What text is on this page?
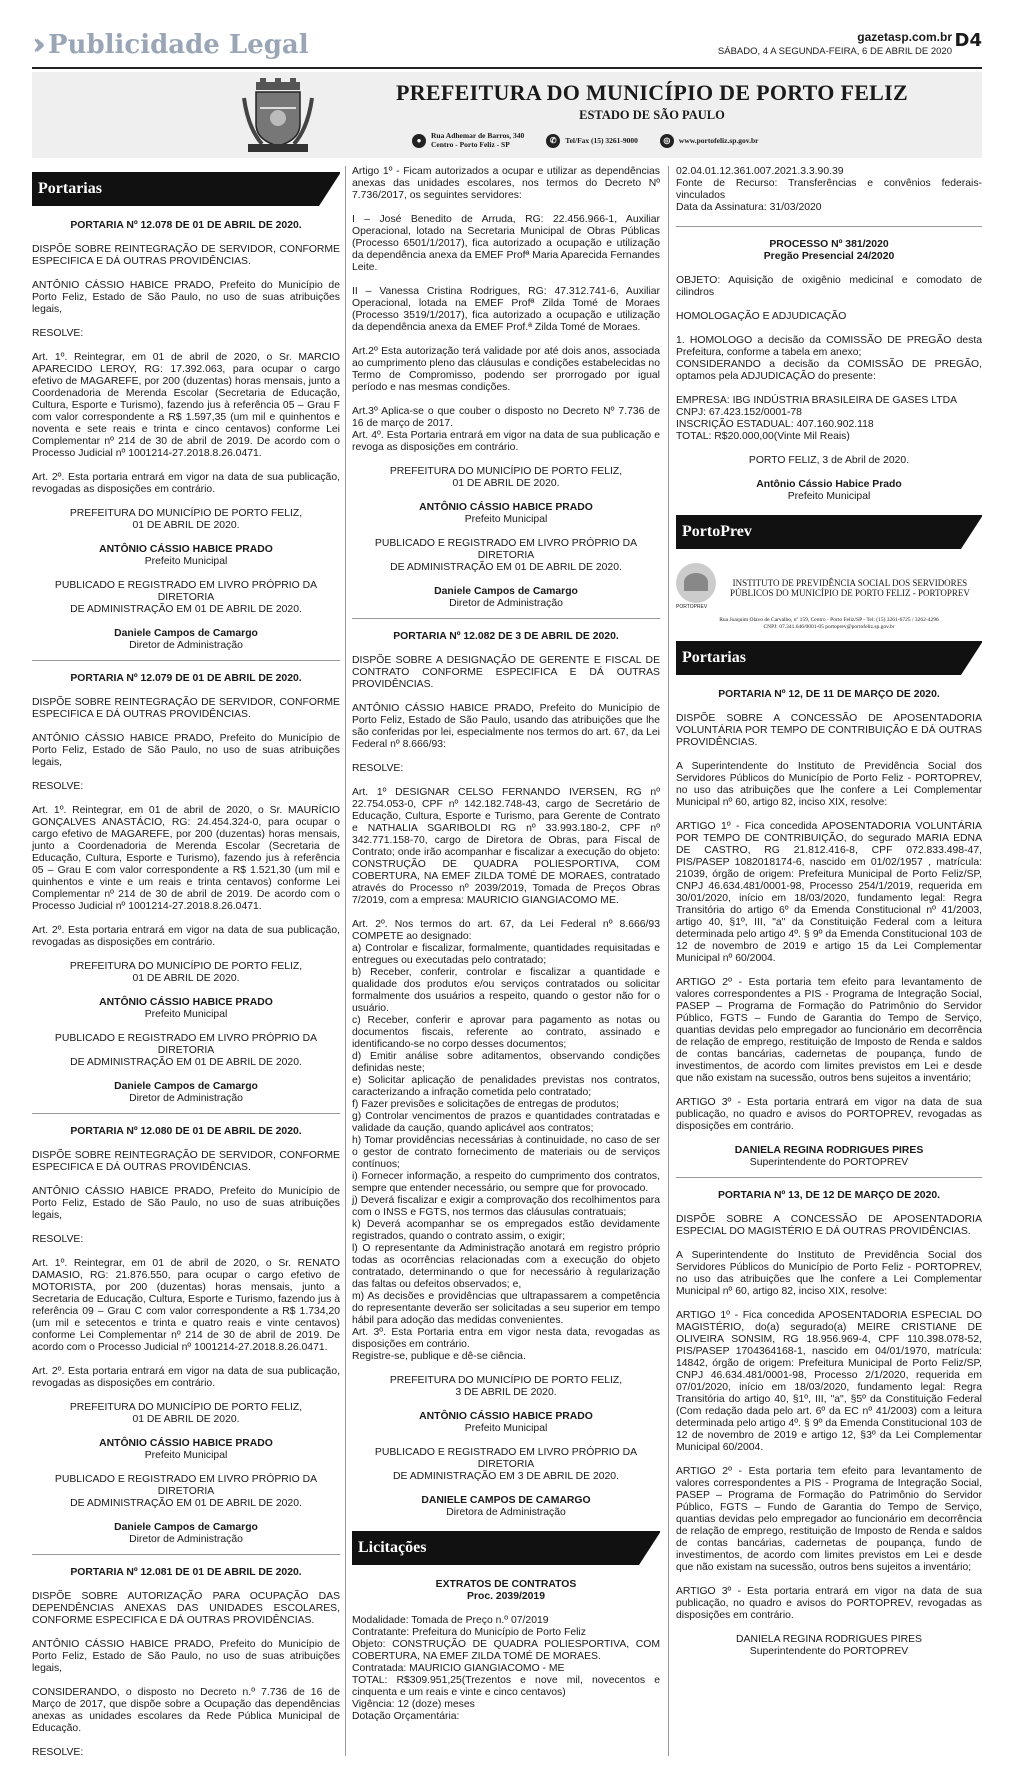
›› Publicidade Legal	gazetasp.com.br
SÁBADO, 4 A SEGUNDA-FEIRA, 6 DE ABRIL DE 2020
D4
PREFEITURA DO MUNICÍPIO DE PORTO FELIZ
ESTADO DE SÃO PAULO
●
Rua Adhemar de Barros, 340
Centro - Porto Feliz - SP	✆	Tel/Fax (15) 3261-9000	◎	www.portofeliz.sp.gov.br
Portarias

PORTARIA Nº 12.078 DE 01 DE ABRIL DE 2020.

DISPÕE SOBRE REINTEGRAÇÃO DE SERVIDOR, CONFORME ESPECIFICA E DÁ OUTRAS PROVIDÊNCIAS.

ANTÔNIO CÁSSIO HABICE PRADO, Prefeito do Município de Porto Feliz, Estado de São Paulo, no uso de suas atribuições legais,

RESOLVE:

Art. 1º. Reintegrar, em 01 de abril de 2020, o Sr. MARCIO APARECIDO LEROY, RG: 17.392.063, para ocupar o cargo efetivo de MAGAREFE, por 200 (duzentas) horas mensais, junto a Coordenadoria de Merenda Escolar (Secretaria de Educação, Cultura, Esporte e Turismo), fazendo jus à referência 05 – Grau F com valor correspondente a R$ 1.597,35 (um mil e quinhentos e noventa e sete reais e trinta e cinco centavos) conforme Lei Complementar nº 214 de 30 de abril de 2019. De acordo com o Processo Judicial nº 1001214-27.2018.8.26.0471.

Art. 2º. Esta portaria entrará em vigor na data de sua publicação, revogadas as disposições em contrário.

PREFEITURA DO MUNICÍPIO DE PORTO FELIZ,

01 DE ABRIL DE 2020.

ANTÔNIO CÁSSIO HABICE PRADO

Prefeito Municipal

PUBLICADO E REGISTRADO EM LIVRO PRÓPRIO DA DIRETORIA

DE ADMINISTRAÇÃO EM 01 DE ABRIL DE 2020.

Daniele Campos de Camargo

Diretor de Administração

PORTARIA Nº 12.079 DE 01 DE ABRIL DE 2020.

DISPÕE SOBRE REINTEGRAÇÃO DE SERVIDOR, CONFORME ESPECIFICA E DÁ OUTRAS PROVIDÊNCIAS.

ANTÔNIO CÁSSIO HABICE PRADO, Prefeito do Município de Porto Feliz, Estado de São Paulo, no uso de suas atribuições legais,

RESOLVE:

Art. 1º. Reintegrar, em 01 de abril de 2020, o Sr. MAURÍCIO GONÇALVES ANASTÁCIO, RG: 24.454.324-0, para ocupar o cargo efetivo de MAGAREFE, por 200 (duzentas) horas mensais, junto a Coordenadoria de Merenda Escolar (Secretaria de Educação, Cultura, Esporte e Turismo), fazendo jus à referência 05 – Grau E com valor correspondente a R$ 1.521,30 (um mil e quinhentos e vinte e um reais e trinta centavos) conforme Lei Complementar nº 214 de 30 de abril de 2019. De acordo com o Processo Judicial nº 1001214-27.2018.8.26.0471.

Art. 2º. Esta portaria entrará em vigor na data de sua publicação, revogadas as disposições em contrário.

PREFEITURA DO MUNICÍPIO DE PORTO FELIZ,

01 DE ABRIL DE 2020.

ANTÔNIO CÁSSIO HABICE PRADO

Prefeito Municipal

PUBLICADO E REGISTRADO EM LIVRO PRÓPRIO DA DIRETORIA

DE ADMINISTRAÇÃO EM 01 DE ABRIL DE 2020.

Daniele Campos de Camargo

Diretor de Administração

PORTARIA Nº 12.080 DE 01 DE ABRIL DE 2020.

DISPÕE SOBRE REINTEGRAÇÃO DE SERVIDOR, CONFORME ESPECIFICA E DÁ OUTRAS PROVIDÊNCIAS.

ANTÔNIO CÁSSIO HABICE PRADO, Prefeito do Município de Porto Feliz, Estado de São Paulo, no uso de suas atribuições legais,

RESOLVE:

Art. 1º. Reintegrar, em 01 de abril de 2020, o Sr. RENATO DAMASIO, RG: 21.876.550, para ocupar o cargo efetivo de MOTORISTA, por 200 (duzentas) horas mensais, junto a Secretaria de Educação, Cultura, Esporte e Turismo, fazendo jus à referência 09 – Grau C com valor correspondente a R$ 1.734,20 (um mil e setecentos e trinta e quatro reais e vinte centavos) conforme Lei Complementar nº 214 de 30 de abril de 2019. De acordo com o Processo Judicial nº 1001214-27.2018.8.26.0471.

Art. 2º. Esta portaria entrará em vigor na data de sua publicação, revogadas as disposições em contrário.

PREFEITURA DO MUNICÍPIO DE PORTO FELIZ,

01 DE ABRIL DE 2020.

ANTÔNIO CÁSSIO HABICE PRADO

Prefeito Municipal

PUBLICADO E REGISTRADO EM LIVRO PRÓPRIO DA DIRETORIA

DE ADMINISTRAÇÃO EM 01 DE ABRIL DE 2020.

Daniele Campos de Camargo

Diretor de Administração

PORTARIA Nº 12.081 DE 01 DE ABRIL DE 2020.

DISPÕE SOBRE AUTORIZAÇÃO PARA OCUPAÇÃO DAS DEPENDÊNCIAS ANEXAS DAS UNIDADES ESCOLARES, CONFORME ESPECIFICA E DÁ OUTRAS PROVIDÊNCIAS.

ANTÔNIO CÁSSIO HABICE PRADO, Prefeito do Município de Porto Feliz, Estado de São Paulo, no uso de suas atribuições legais,

CONSIDERANDO, o disposto no Decreto n.º 7.736 de 16 de Março de 2017, que dispõe sobre a Ocupação das dependências anexas as unidades escolares da Rede Pública Municipal de Educação.

RESOLVE:

Artigo 1º - Ficam autorizados a ocupar e utilizar as dependências anexas das unidades escolares, nos termos do Decreto Nº 7.736/2017, os seguintes servidores:

I – José Benedito de Arruda, RG: 22.456.966-1, Auxiliar Operacional, lotado na Secretaria Municipal de Obras Públicas (Processo 6501/1/2017), fica autorizado a ocupação e utilização da dependência anexa da EMEF Profª Maria Aparecida Fernandes Leite.

II – Vanessa Cristina Rodrigues, RG: 47.312.741-6, Auxiliar Operacional, lotada na EMEF Profª Zilda Tomé de Moraes (Processo 3519/1/2017), fica autorizado a ocupação e utilização da dependência anexa da EMEF Prof.ª Zilda Tomé de Moraes.

Art.2º Esta autorização terá validade por até dois anos, associada ao cumprimento pleno das cláusulas e condições estabelecidas no Termo de Compromisso, podendo ser prorrogado por igual período e nas mesmas condições.

Art.3º Aplica-se o que couber o disposto no Decreto Nº 7.736 de 16 de março de 2017.

Art. 4º. Esta Portaria entrará em vigor na data de sua publicação e revoga as disposições em contrário.

PREFEITURA DO MUNICÍPIO DE PORTO FELIZ,

01 DE ABRIL DE 2020.

ANTÔNIO CÁSSIO HABICE PRADO

Prefeito Municipal

PUBLICADO E REGISTRADO EM LIVRO PRÓPRIO DA DIRETORIA

DE ADMINISTRAÇÃO EM 01 DE ABRIL DE 2020.

Daniele Campos de Camargo

Diretor de Administração

PORTARIA Nº 12.082 DE 3 DE ABRIL DE 2020.

DISPÕE SOBRE A DESIGNAÇÃO DE GERENTE E FISCAL DE CONTRATO CONFORME ESPECIFICA E DÁ OUTRAS PROVIDÊNCIAS.

ANTÔNIO CÁSSIO HABICE PRADO, Prefeito do Município de Porto Feliz, Estado de São Paulo, usando das atribuições que lhe são conferidas por lei, especialmente nos termos do art. 67, da Lei Federal nº 8.666/93:

RESOLVE:

Art. 1º DESIGNAR CELSO FERNANDO IVERSEN, RG nº 22.754.053-0, CPF nº 142.182.748-43, cargo de Secretário de Educação, Cultura, Esporte e Turismo, para Gerente de Contrato e NATHALIA SGARIBOLDI RG nº 33.993.180-2, CPF nº 342.771.158-70, cargo de Diretora de Obras, para Fiscal de Contrato; onde irão acompanhar e fiscalizar a execução do objeto: CONSTRUÇÃO DE QUADRA POLIESPORTIVA, COM COBERTURA, NA EMEF ZILDA TOMÉ DE MORAES, contratado através do Processo nº 2039/2019, Tomada de Preços Obras 7/2019, com a empresa: MAURICIO GIANGIACOMO ME.

Art. 2º. Nos termos do art. 67, da Lei Federal nº 8.666/93 COMPETE ao designado:

a) Controlar e fiscalizar, formalmente, quantidades requisitadas e entregues ou executadas pelo contratado;

b) Receber, conferir, controlar e fiscalizar a quantidade e qualidade dos produtos e/ou serviços contratados ou solicitar formalmente dos usuários a respeito, quando o gestor não for o usuário.

c) Receber, conferir e aprovar para pagamento as notas ou documentos fiscais, referente ao contrato, assinado e identificando-se no corpo desses documentos;

d) Emitir análise sobre aditamentos, observando condições definidas neste;

e) Solicitar aplicação de penalidades previstas nos contratos, caracterizando a infração cometida pelo contratado;

f) Fazer previsões e solicitações de entregas de produtos;

g) Controlar vencimentos de prazos e quantidades contratadas e validade da caução, quando aplicável aos contratos;

h) Tomar providências necessárias à continuidade, no caso de ser o gestor de contrato fornecimento de materiais ou de serviços contínuos;

i) Fornecer informação, a respeito do cumprimento dos contratos, sempre que entender necessário, ou sempre que for provocado.

j) Deverá fiscalizar e exigir a comprovação dos recolhimentos para com o INSS e FGTS, nos termos das cláusulas contratuais;

k) Deverá acompanhar se os empregados estão devidamente registrados, quando o contrato assim, o exigir;

l) O representante da Administração anotará em registro próprio todas as ocorrências relacionadas com a execução do objeto contratado, determinando o que for necessário à regularização das faltas ou defeitos observados; e,

m) As decisões e providências que ultrapassarem a competência do representante deverão ser solicitadas a seu superior em tempo hábil para adoção das medidas convenientes.

Art. 3º. Esta Portaria entra em vigor nesta data, revogadas as disposições em contrário.

Registre-se, publique e dê-se ciência.

PREFEITURA DO MUNICÍPIO DE PORTO FELIZ,

3 DE ABRIL DE 2020.

ANTÔNIO CÁSSIO HABICE PRADO

Prefeito Municipal

PUBLICADO E REGISTRADO EM LIVRO PRÓPRIO DA DIRETORIA

DE ADMINISTRAÇÃO EM 3 DE ABRIL DE 2020.

DANIELE CAMPOS DE CAMARGO

Diretora de Administração

Licitações

EXTRATOS DE CONTRATOS

Proc. 2039/2019

Modalidade: Tomada de Preço n.º 07/2019

Contratante: Prefeitura do Município de Porto Feliz

Objeto: CONSTRUÇÃO DE QUADRA POLIESPORTIVA, COM COBERTURA, NA EMEF ZILDA TOMÉ DE MORAES.

Contratada: MAURICIO GIANGIACOMO - ME

TOTAL: R$309.951,25(Trezentos e nove mil, novecentos e cinquenta e um reais e vinte e cinco centavos)

Vigência: 12 (doze) meses

Dotação Orçamentária:

02.04.01.12.361.007.2021.3.3.90.39

Fonte de Recurso: Transferências e convênios federais-vinculados

Data da Assinatura: 31/03/2020

PROCESSO Nº 381/2020

Pregão Presencial 24/2020

OBJETO: Aquisição de oxigênio medicinal e comodato de cilindros

HOMOLOGAÇÃO E ADJUDICAÇÃO

1. HOMOLOGO a decisão da COMISSÃO DE PREGÃO desta Prefeitura, conforme a tabela em anexo;

CONSIDERANDO a decisão da COMISSÃO DE PREGÃO, optamos pela ADJUDICAÇÃO do presente:

EMPRESA: IBG INDÚSTRIA BRASILEIRA DE GASES LTDA

CNPJ: 67.423.152/0001-78

INSCRIÇÃO ESTADUAL: 407.160.902.118

TOTAL: R$20.000,00(Vinte Mil Reais)

PORTO FELIZ, 3 de Abril de 2020.

Antônio Cássio Habice Prado

Prefeito Municipal

PortoPrev
PORTOPREV
INSTITUTO DE PREVIDÊNCIA SOCIAL DOS SERVIDORES
PÚBLICOS DO MUNICÍPIO DE PORTO FELIZ - PORTOPREV
Rua Joaquim Olavo de Carvalho, nº 159, Centro - Porto Feliz/SP - Tel: (15) 3261-6725 / 3262-4296
CNPJ: 07.341.646/0001-05 portoprev@portofeliz.sp.gov.br
Portarias

PORTARIA Nº 12, DE 11 DE MARÇO DE 2020.

DISPÕE SOBRE A CONCESSÃO DE APOSENTADORIA VOLUNTÁRIA POR TEMPO DE CONTRIBUIÇÃO E DÁ OUTRAS PROVIDÊNCIAS.

A Superintendente do Instituto de Previdência Social dos Servidores Públicos do Município de Porto Feliz - PORTOPREV, no uso das atribuições que lhe confere a Lei Complementar Municipal nº 60, artigo 82, inciso XIX, resolve:

ARTIGO 1º - Fica concedida APOSENTADORIA VOLUNTÁRIA POR TEMPO DE CONTRIBUIÇÃO, do segurado MARIA EDNA DE CASTRO, RG 21.812.416-8, CPF 072.833.498-47, PIS/PASEP 108201817​4-6, nascido em 01/02/1957 , matrícula: 21039, órgão de origem: Prefeitura Municipal de Porto Feliz/SP, CNPJ 46.634.481/0001-98, Processo 254/1/2019, requerida em 30/01/2020, início em 18/03/2020, fundamento legal: Regra Transitória do artigo 6º da Emenda Constitucional nº 41/2003, artigo 40, §1º, III, "a" da Constituição Federal com a leitura determinada pelo artigo 4º. § 9º da Emenda Constitucional 103 de 12 de novembro de 2019 e artigo 15 da Lei Complementar Municipal nº 60/2004.

ARTIGO 2º - Esta portaria tem efeito para levantamento de valores correspondentes a PIS - Programa de Integração Social, PASEP – Programa de Formação do Patrimônio do Servidor Público, FGTS – Fundo de Garantia do Tempo de Serviço, quantias devidas pelo empregador ao funcionário em decorrência de relação de emprego, restituição de Imposto de Renda e saldos de contas bancárias, cadernetas de poupança, fundo de investimentos, de acordo com limites previstos em Lei e desde que não existam na sucessão, outros bens sujeitos a inventário;

ARTIGO 3º - Esta portaria entrará em vigor na data de sua publicação, no quadro e avisos do PORTOPREV, revogadas as disposições em contrário.

DANIELA REGINA RODRIGUES PIRES

Superintendente do PORTOPREV

PORTARIA Nº 13, DE 12 DE MARÇO DE 2020.

DISPÕE SOBRE A CONCESSÃO DE APOSENTADORIA ESPECIAL DO MAGISTÉRIO E DÁ OUTRAS PROVIDÊNCIAS.

A Superintendente do Instituto de Previdência Social dos Servidores Públicos do Município de Porto Feliz - PORTOPREV, no uso das atribuições que lhe confere a Lei Complementar Municipal nº 60, artigo 82, inciso XIX, resolve:

ARTIGO 1º - Fica concedida APOSENTADORIA ESPECIAL DO MAGISTÉRIO, do(a) segurado(a) MEIRE CRISTIANE DE OLIVEIRA SONSIM, RG 18.956.969-4, CPF 110.398.078-52, PIS/PASEP 1704364168-1, nascido em 04/01/1970, matrícula: 14842, órgão de origem: Prefeitura Municipal de Porto Feliz/SP, CNPJ 46.634.481/0001-98, Processo 2/1/2020, requerida em 07/01/2020, início em 18/03/2020, fundamento legal: Regra Transitória do artigo 40, §1º, III, "a", §5º da Constituição Federal (Com redação dada pelo art. 6º da EC nº 41/2003) com a leitura determinada pelo artigo 4º. § 9º da Emenda Constitucional 103 de 12 de novembro de 2019 e artigo 12, §3º da Lei Complementar Municipal 60/2004.

ARTIGO 2º - Esta portaria tem efeito para levantamento de valores correspondentes a PIS - Programa de Integração Social, PASEP – Programa de Formação do Patrimônio do Servidor Público, FGTS – Fundo de Garantia do Tempo de Serviço, quantias devidas pelo empregador ao funcionário em decorrência de relação de emprego, restituição de Imposto de Renda e saldos de contas bancárias, cadernetas de poupança, fundo de investimentos, de acordo com limites previstos em Lei e desde que não existam na sucessão, outros bens sujeitos a inventário;

ARTIGO 3º - Esta portaria entrará em vigor na data de sua publicação, no quadro e avisos do PORTOPREV, revogadas as disposições em contrário.

DANIELA REGINA RODRIGUES PIRES

Superintendente do PORTOPREV
